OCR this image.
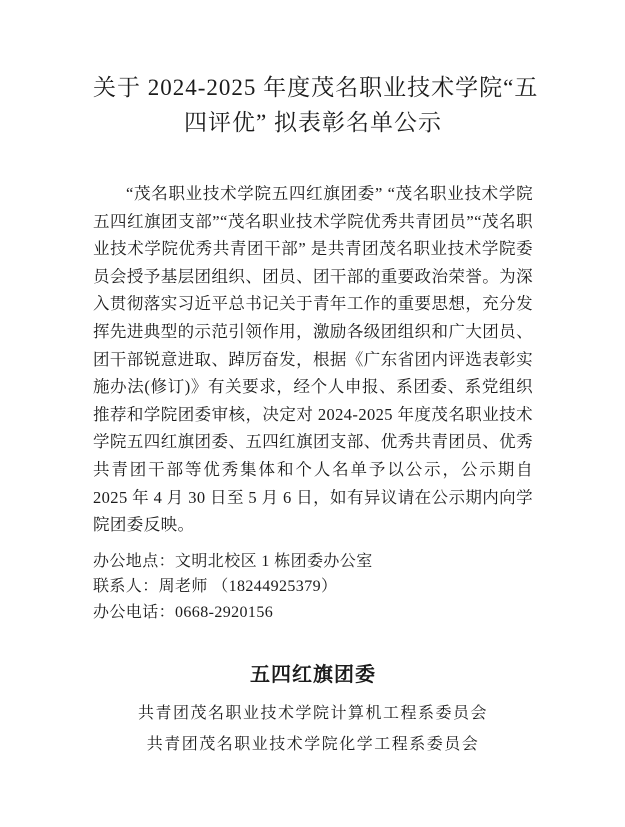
关于 2024-2025 年度茂名职业技术学院“五
四评优” 拟表彰名单公示

“茂名职业技术学院五四红旗团委” “茂名职业技术学院五四红旗团支部”“茂名职业技术学院优秀共青团员”“茂名职业技术学院优秀共青团干部” 是共青团茂名职业技术学院委员会授予基层团组织、团员、团干部的重要政治荣誉。为深入贯彻落实习近平总书记关于青年工作的重要思想，充分发挥先进典型的示范引领作用，激励各级团组织和广大团员、团干部锐意进取、踔厉奋发，根据《广东省团内评选表彰实施办法(修订)》有关要求，经个人申报、系团委、系党组织推荐和学院团委审核，决定对 2024-2025 年度茂名职业技术学院五四红旗团委、五四红旗团支部、优秀共青团员、优秀共青团干部等优秀集体和个人名单予以公示，公示期自 2025 年 4 月 30 日至 5 月 6 日，如有异议请在公示期内向学院团委反映。

办公地点：文明北校区 1 栋团委办公室
联系人：周老师 （18244925379）
办公电话：0668-2920156
五四红旗团委
共青团茂名职业技术学院计算机工程系委员会
共青团茂名职业技术学院化学工程系委员会
